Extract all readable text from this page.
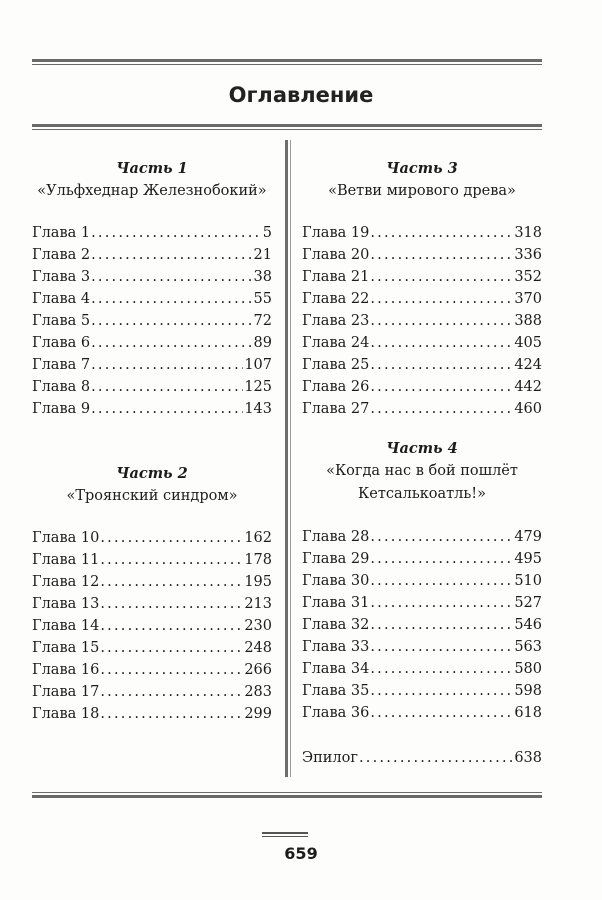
Оглавление
Часть 1
«Ульфхеднар Железнобокий»
Глава 1 .....	5
Глава 2 .....	21
Глава 3 .....	38
Глава 4 .....	55
Глава 5 .....	72
Глава 6 .....	89
Глава 7 .....	107
Глава 8 .....	125
Глава 9 .....	143
Часть 2
«Троянский синдром»
Глава 10 .....	162
Глава 11 .....	178
Глава 12 .....	195
Глава 13 .....	213
Глава 14 .....	230
Глава 15 .....	248
Глава 16 .....	266
Глава 17 .....	283
Глава 18 .....	299
Часть 3
«Ветви мирового древа»
Глава 19 .....	318
Глава 20 .....	336
Глава 21 .....	352
Глава 22 .....	370
Глава 23 .....	388
Глава 24 .....	405
Глава 25 .....	424
Глава 26 .....	442
Глава 27 .....	460
Часть 4
«Когда нас в бой пошлёт
Кетсалькоатль!»
Глава 28 .....	479
Глава 29 .....	495
Глава 30 .....	510
Глава 31 .....	527
Глава 32 .....	546
Глава 33 .....	563
Глава 34 .....	580
Глава 35 .....	598
Глава 36 .....	618
Эпилог .....	638
659
